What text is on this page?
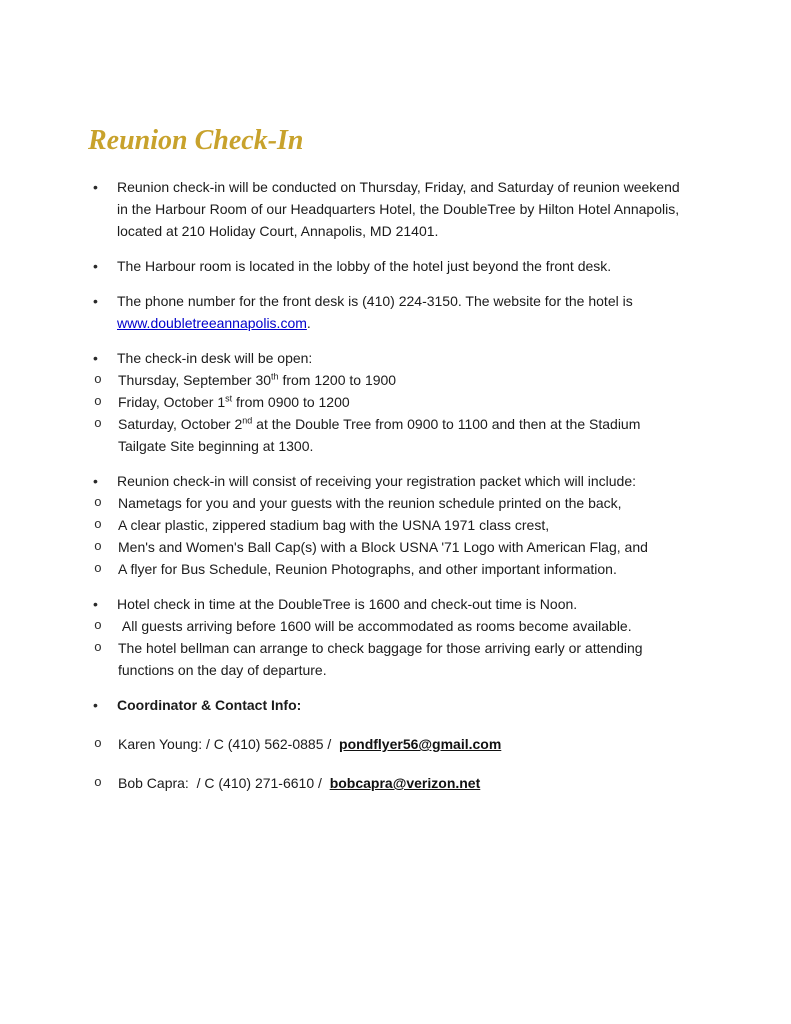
Reunion Check-In
•	Reunion check-in will be conducted on Thursday, Friday, and Saturday of reunion weekend in the Harbour Room of our Headquarters Hotel, the DoubleTree by Hilton Hotel Annapolis, located at 210 Holiday Court, Annapolis, MD 21401.
•	The Harbour room is located in the lobby of the hotel just beyond the front desk.
•	The phone number for the front desk is (410) 224-3150. The website for the hotel is www.doubletreeannapolis.com.
•	The check-in desk will be open:
o	Thursday, September 30th from 1200 to 1900
o	Friday, October 1st from 0900 to 1200
o	Saturday, October 2nd at the Double Tree from 0900 to 1100 and then at the Stadium Tailgate Site beginning at 1300.
•	Reunion check-in will consist of receiving your registration packet which will include:
o	Nametags for you and your guests with the reunion schedule printed on the back,
o	A clear plastic, zippered stadium bag with the USNA 1971 class crest,
o	Men's and Women's Ball Cap(s) with a Block USNA '71 Logo with American Flag, and
o	A flyer for Bus Schedule, Reunion Photographs, and other important information.
•	Hotel check in time at the DoubleTree is 1600 and check-out time is Noon.
o	All guests arriving before 1600 will be accommodated as rooms become available.
o	The hotel bellman can arrange to check baggage for those arriving early or attending functions on the day of departure.
•	Coordinator & Contact Info:
o	Karen Young: / C (410) 562-0885 /  pondflyer56@gmail.com
o	Bob Capra:  / C (410) 271-6610 /  bobcapra@verizon.net
